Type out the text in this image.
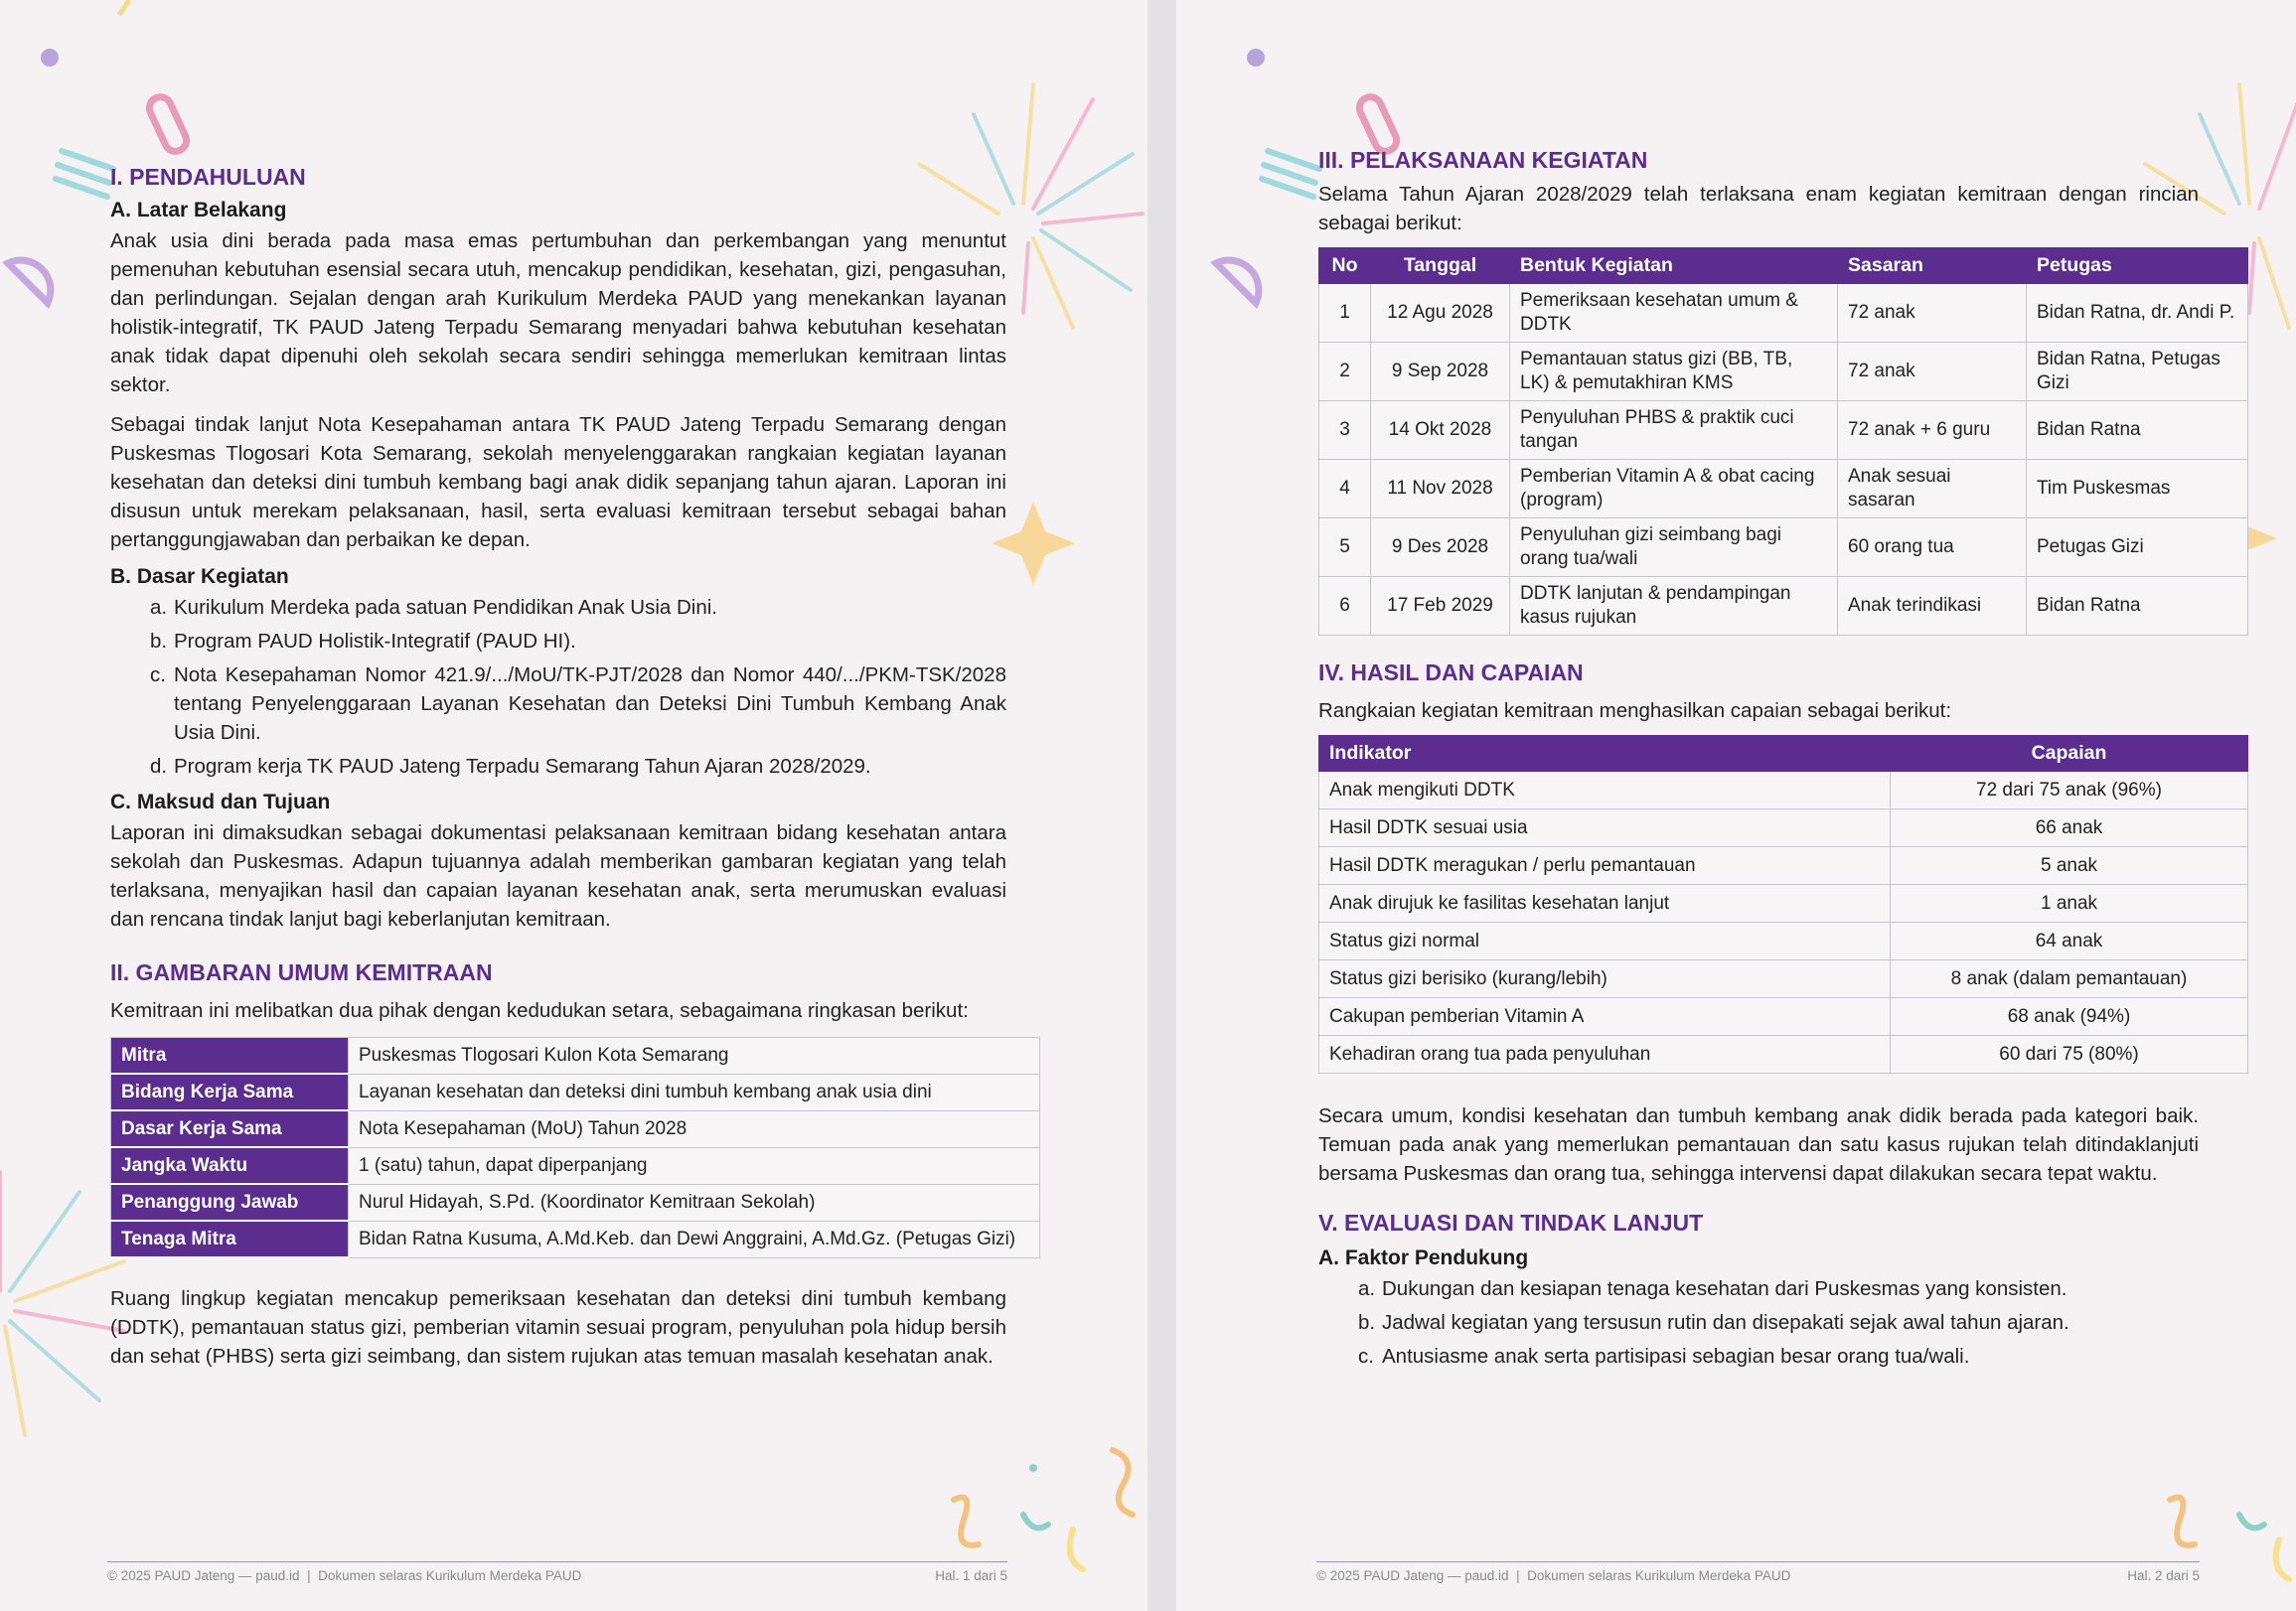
I. PENDAHULUAN
A. Latar Belakang

Anak usia dini berada pada masa emas pertumbuhan dan perkembangan yang menuntut pemenuhan kebutuhan esensial secara utuh, mencakup pendidikan, kesehatan, gizi, pengasuhan, dan perlindungan. Sejalan dengan arah Kurikulum Merdeka PAUD yang menekankan layanan holistik-integratif, TK PAUD Jateng Terpadu Semarang menyadari bahwa kebutuhan kesehatan anak tidak dapat dipenuhi oleh sekolah secara sendiri sehingga memerlukan kemitraan lintas sektor.

Sebagai tindak lanjut Nota Kesepahaman antara TK PAUD Jateng Terpadu Semarang dengan Puskesmas Tlogosari Kota Semarang, sekolah menyelenggarakan rangkaian kegiatan layanan kesehatan dan deteksi dini tumbuh kembang bagi anak didik sepanjang tahun ajaran. Laporan ini disusun untuk merekam pelaksanaan, hasil, serta evaluasi kemitraan tersebut sebagai bahan pertanggungjawaban dan perbaikan ke depan.

B. Dasar Kegiatan
a. Kurikulum Merdeka pada satuan Pendidikan Anak Usia Dini.
b. Program PAUD Holistik-Integratif (PAUD HI).
c. Nota Kesepahaman Nomor 421.9/.../MoU/TK-PJT/2028 dan Nomor 440/.../PKM-TSK/2028 tentang Penyelenggaraan Layanan Kesehatan dan Deteksi Dini Tumbuh Kembang Anak Usia Dini.
d. Program kerja TK PAUD Jateng Terpadu Semarang Tahun Ajaran 2028/2029.
C. Maksud dan Tujuan

Laporan ini dimaksudkan sebagai dokumentasi pelaksanaan kemitraan bidang kesehatan antara sekolah dan Puskesmas. Adapun tujuannya adalah memberikan gambaran kegiatan yang telah terlaksana, menyajikan hasil dan capaian layanan kesehatan anak, serta merumuskan evaluasi dan rencana tindak lanjut bagi keberlanjutan kemitraan.

II. GAMBARAN UMUM KEMITRAAN

Kemitraan ini melibatkan dua pihak dengan kedudukan setara, sebagaimana ringkasan berikut:

Mitra	Puskesmas Tlogosari Kulon Kota Semarang
Bidang Kerja Sama	Layanan kesehatan dan deteksi dini tumbuh kembang anak usia dini
Dasar Kerja Sama	Nota Kesepahaman (MoU) Tahun 2028
Jangka Waktu	1 (satu) tahun, dapat diperpanjang
Penanggung Jawab	Nurul Hidayah, S.Pd. (Koordinator Kemitraan Sekolah)
Tenaga Mitra	Bidan Ratna Kusuma, A.Md.Keb. dan Dewi Anggraini, A.Md.Gz. (Petugas Gizi)

Ruang lingkup kegiatan mencakup pemeriksaan kesehatan dan deteksi dini tumbuh kembang (DDTK), pemantauan status gizi, pemberian vitamin sesuai program, penyuluhan pola hidup bersih dan sehat (PHBS) serta gizi seimbang, dan sistem rujukan atas temuan masalah kesehatan anak.

© 2025 PAUD Jateng — paud.id  |  Dokumen selaras Kurikulum Merdeka PAUD	Hal. 1 dari 5
III. PELAKSANAAN KEGIATAN

Selama Tahun Ajaran 2028/2029 telah terlaksana enam kegiatan kemitraan dengan rincian sebagai berikut:

No	Tanggal	Bentuk Kegiatan	Sasaran	Petugas
1	12 Agu 2028	Pemeriksaan kesehatan umum & DDTK	72 anak	Bidan Ratna, dr. Andi P.
2	9 Sep 2028	Pemantauan status gizi (BB, TB, LK) & pemutakhiran KMS	72 anak	Bidan Ratna, Petugas Gizi
3	14 Okt 2028	Penyuluhan PHBS & praktik cuci tangan	72 anak + 6 guru	Bidan Ratna
4	11 Nov 2028	Pemberian Vitamin A & obat cacing (program)	Anak sesuai sasaran	Tim Puskesmas
5	9 Des 2028	Penyuluhan gizi seimbang bagi orang tua/wali	60 orang tua	Petugas Gizi
6	17 Feb 2029	DDTK lanjutan & pendampingan kasus rujukan	Anak terindikasi	Bidan Ratna
IV. HASIL DAN CAPAIAN

Rangkaian kegiatan kemitraan menghasilkan capaian sebagai berikut:

Indikator	Capaian
Anak mengikuti DDTK	72 dari 75 anak (96%)
Hasil DDTK sesuai usia	66 anak
Hasil DDTK meragukan / perlu pemantauan	5 anak
Anak dirujuk ke fasilitas kesehatan lanjut	1 anak
Status gizi normal	64 anak
Status gizi berisiko (kurang/lebih)	8 anak (dalam pemantauan)
Cakupan pemberian Vitamin A	68 anak (94%)
Kehadiran orang tua pada penyuluhan	60 dari 75 (80%)

Secara umum, kondisi kesehatan dan tumbuh kembang anak didik berada pada kategori baik. Temuan pada anak yang memerlukan pemantauan dan satu kasus rujukan telah ditindaklanjuti bersama Puskesmas dan orang tua, sehingga intervensi dapat dilakukan secara tepat waktu.

V. EVALUASI DAN TINDAK LANJUT
A. Faktor Pendukung
a. Dukungan dan kesiapan tenaga kesehatan dari Puskesmas yang konsisten.
b. Jadwal kegiatan yang tersusun rutin dan disepakati sejak awal tahun ajaran.
c. Antusiasme anak serta partisipasi sebagian besar orang tua/wali.
© 2025 PAUD Jateng — paud.id  |  Dokumen selaras Kurikulum Merdeka PAUD	Hal. 2 dari 5
